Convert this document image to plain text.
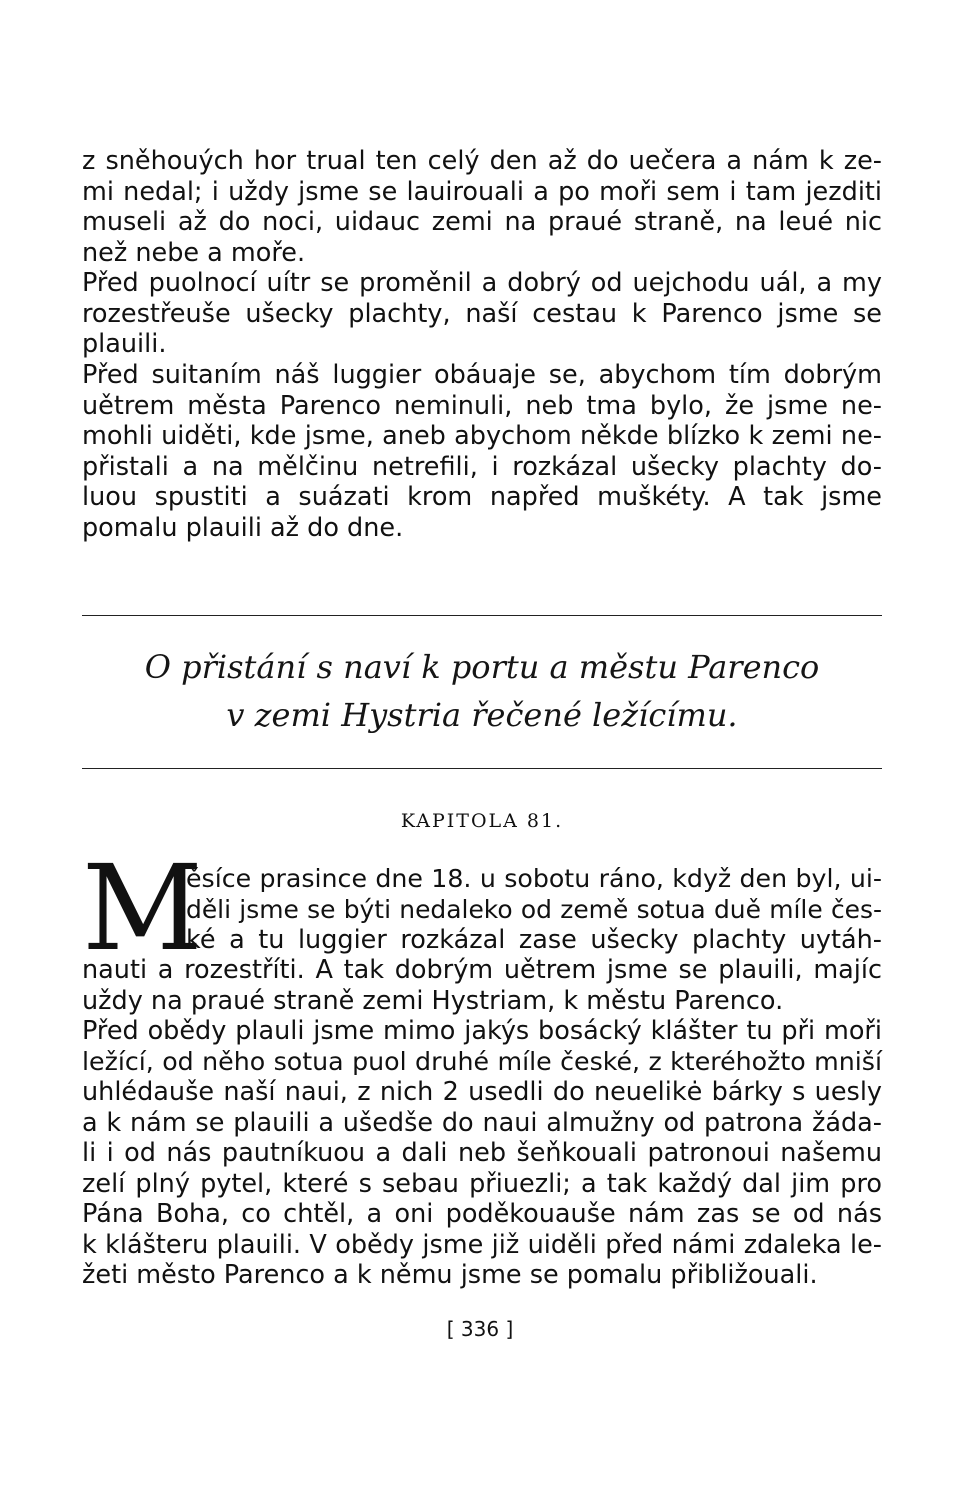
z sněhouých hor trual ten celý den až do uečera a nám k ze-
mi nedal; i uždy jsme se lauirouali a po moři sem i tam jezditi
museli až do noci, uidauc zemi na praué straně, na leué nic
než nebe a moře.
Před puolnocí uítr se proměnil a dobrý od uejchodu uál, a my
rozestřeuše ušecky plachty, naší cestau k Parenco jsme se
plauili.
Před suitaním náš luggier obáuaje se, abychom tím dobrým
uětrem města Parenco neminuli, neb tma bylo, že jsme ne-
mohli uiděti, kde jsme, aneb abychom někde blízko k zemi ne-
přistali a na mělčinu netrefili, i rozkázal ušecky plachty do-
luou spustiti a suázati krom napřed muškéty. A tak jsme
pomalu plauili až do dne.
O přistání s naví k portu a městu Parenco
v zemi Hystria řečené ležícímu.
KAPITOLA 81.
M
ěsíce prasince dne 18. u sobotu ráno, když den byl, ui-
děli jsme se býti nedaleko od země sotua duě míle čes-
ké a tu luggier rozkázal zase ušecky plachty uytáh-
nauti a rozestříti. A tak dobrým uětrem jsme se plauili, majíc
uždy na praué straně zemi Hystriam, k městu Parenco.
Před obědy plauli jsme mimo jakýs bosácký klášter tu při moři
ležící, od něho sotua puol druhé míle české, z kteréhožto mniší
uhlédauše naší naui, z nich 2 usedli do neuelikė bárky s uesly
a k nám se plauili a ušedše do naui almužny od patrona žáda-
li i od nás pautníkuou a dali neb šeňkouali patronoui našemu
zelí plný pytel, které s sebau přiuezli; a tak každý dal jim pro
Pána Boha, co chtěl, a oni poděkouauše nám zas se od nás
k klášteru plauili. V obědy jsme již uiděli před námi zdaleka le-
žeti město Parenco a k němu jsme se pomalu přibližouali.
[ 336 ]
